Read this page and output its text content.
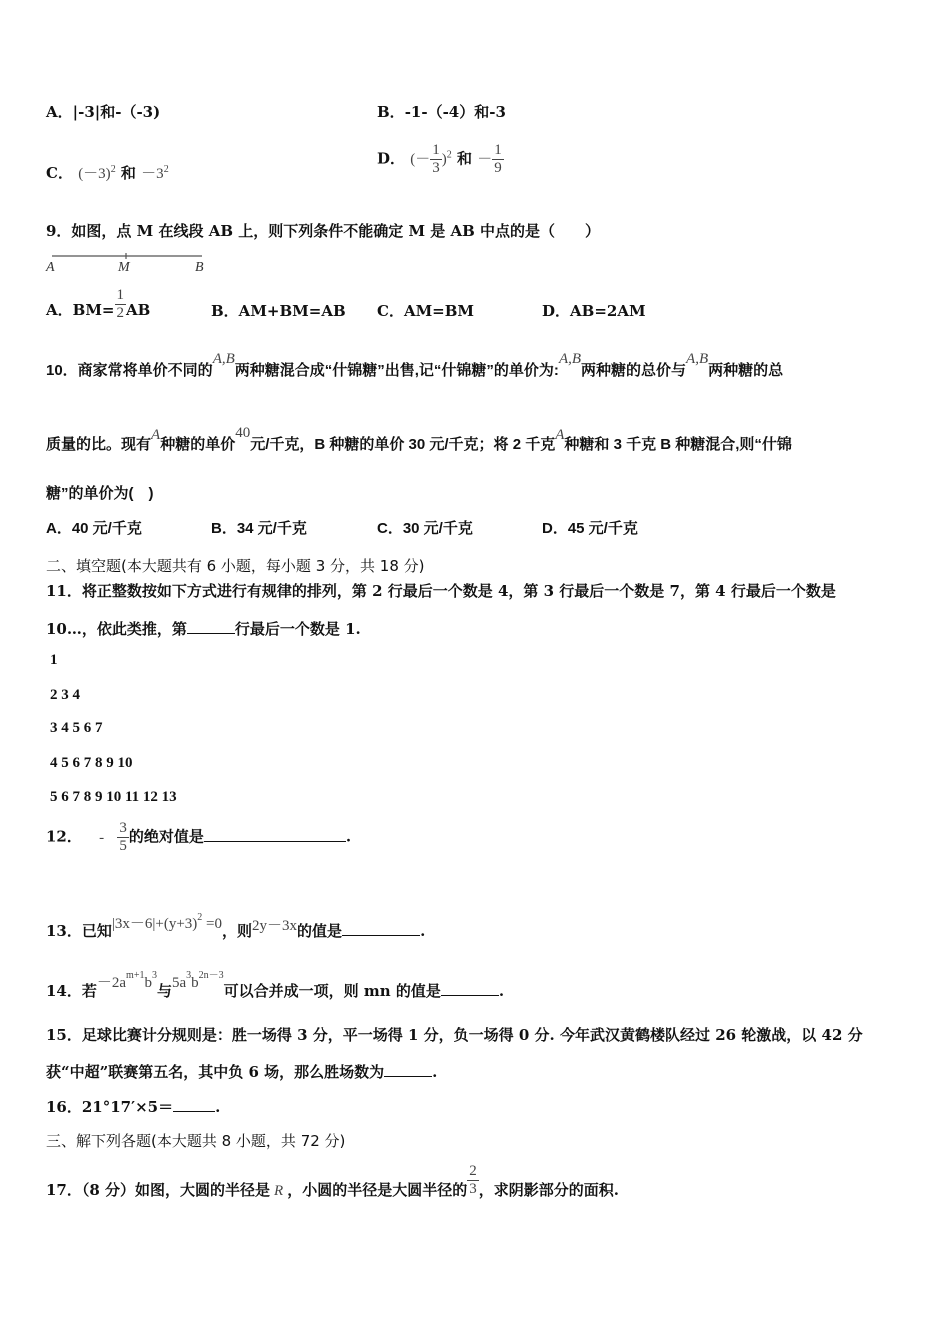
A．|-3|和-（-3)	B．-1-（-4）和-3
C． $(-3)^2$ 和 $-3^2$
D． (－ $\frac{1}{3} )^2$ 和 － $\frac{1}{9}$
9．如图，点 M 在线段 AB 上，则下列条件不能确定 M 是 AB 中点的是（　　）
A	M	B
A．$BM= \frac{1}{2}$ AB	B．AM+BM=AB C．AM=BM	D．AB=2AM
10．商家常将单价不同的A,B两种糖混合成“什锦糖”出售,记“什锦糖”的单价为:A,B两种糖的总价与A,B两种糖的总
质量的比。现有A种糖的单价40元/千克，B 种糖的单价 30 元/千克；将 2 千克A种糖和 3 千克 B 种糖混合,则“什锦
糖”的单价为(　)
A．40 元/千克	B．34 元/千克	C．30 元/千克	D．45 元/千克
二、填空题(本大题共有 6 小题，每小题 3 分，共 18 分)
11．将正整数按如下方式进行有规律的排列，第 2 行最后一个数是 4，第 3 行最后一个数是 7，第 4 行最后一个数是
10…，依此类推，第	行最后一个数是 1.
1
2 3 4
3 4 5 6 7
4 5 6 7 8 9 10
5 6 7 8 9 10 11 12 13
12． - $\frac{3}{5}$ 的绝对值是	.
13．已知$|3x-6|+(y+3)^2 =0$，则2y－3x的值是	.
14．若$-2a^{m+1}b^3$与$5a^3b^{2n-3}$可以合并成一项，则 mn 的值是	.
15．足球比赛计分规则是：胜一场得 3 分，平一场得 1 分，负一场得 0 分. 今年武汉黄鹤楼队经过 26 轮激战，以 42 分
获“中超”联赛第五名，其中负 6 场，那么胜场数为	.
16．21°17′×5＝	.
三、解下列各题(本大题共 8 小题，共 72 分)
17．（8 分）如图，大圆的半径是 R ，小圆的半径是大圆半径的 $\frac{2}{3}$ ，求阴影部分的面积.
